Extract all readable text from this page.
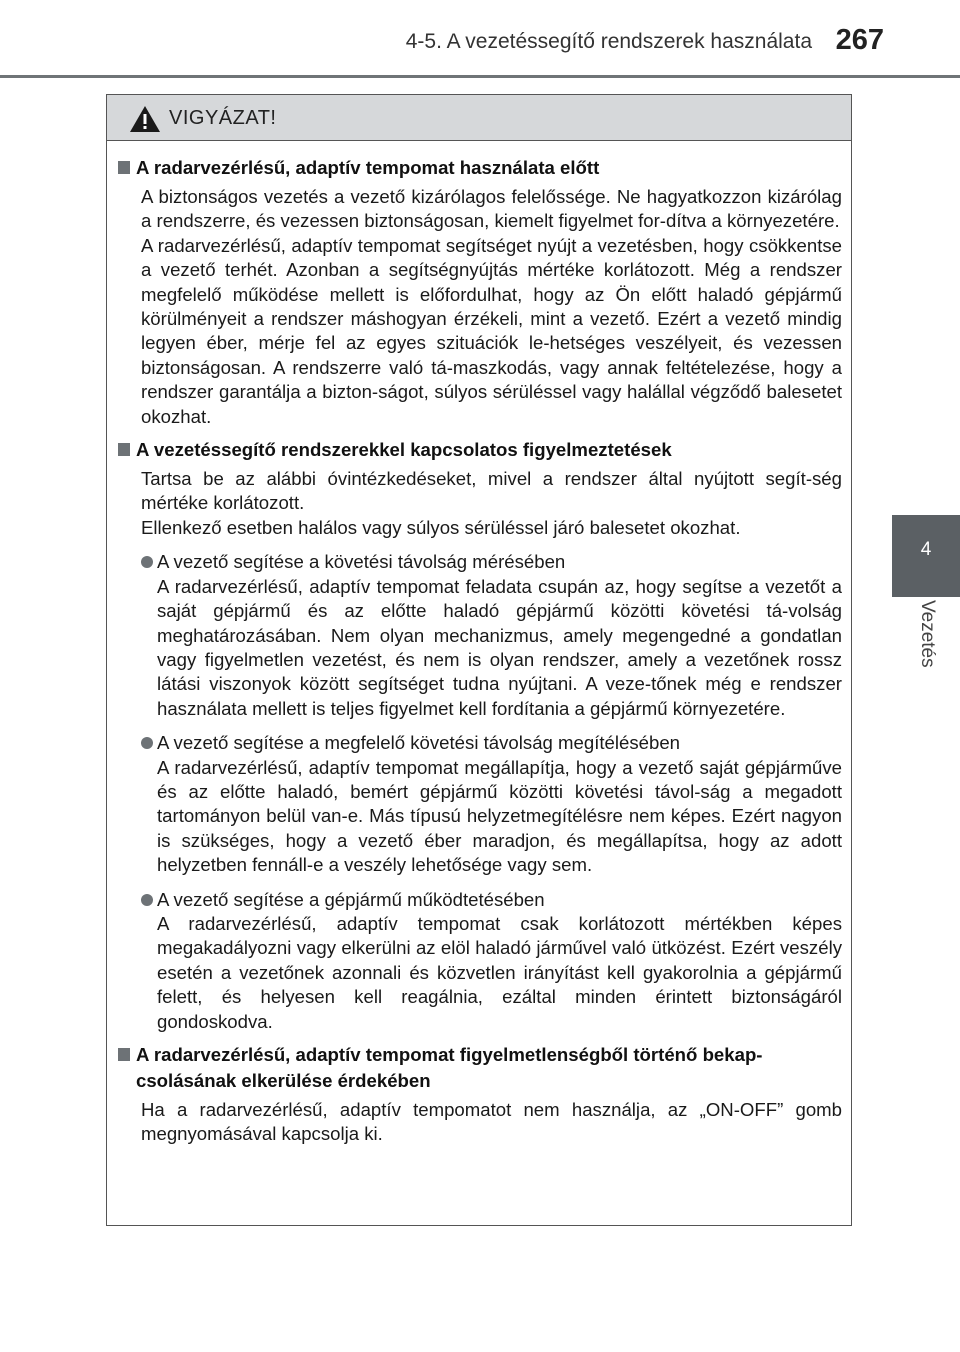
4-5. A vezetéssegítő rendszerek használata 267
4
Vezetés
VIGYÁZAT!
A radarvezérlésű, adaptív tempomat használata előtt
A biztonságos vezetés a vezető kizárólagos felelőssége. Ne hagyatkozzon kizárólag a rendszerre, és vezessen biztonságosan, kiemelt figyelmet for-dítva a környezetére.
A radarvezérlésű, adaptív tempomat segítséget nyújt a vezetésben, hogy csökkentse a vezető terhét. Azonban a segítségnyújtás mértéke korlátozott. Még a rendszer megfelelő működése mellett is előfordulhat, hogy az Ön előtt haladó gépjármű körülményeit a rendszer máshogyan érzékeli, mint a vezető. Ezért a vezető mindig legyen éber, mérje fel az egyes szituációk le-hetséges veszélyeit, és vezessen biztonságosan. A rendszerre való tá-maszkodás, vagy annak feltételezése, hogy a rendszer garantálja a bizton-ságot, súlyos sérüléssel vagy halállal végződő balesetet okozhat.
A vezetéssegítő rendszerekkel kapcsolatos figyelmeztetések
Tartsa be az alábbi óvintézkedéseket, mivel a rendszer által nyújtott segít-ség mértéke korlátozott.
Ellenkező esetben halálos vagy súlyos sérüléssel járó balesetet okozhat.
A vezető segítése a követési távolság mérésében
A radarvezérlésű, adaptív tempomat feladata csupán az, hogy segítse a vezetőt a saját gépjármű és az előtte haladó gépjármű közötti követési tá-volság meghatározásában. Nem olyan mechanizmus, amely megengedné a gondatlan vagy figyelmetlen vezetést, és nem is olyan rendszer, amely a vezetőnek rossz látási viszonyok között segítséget tudna nyújtani. A veze-tőnek még e rendszer használata mellett is teljes figyelmet kell fordítania a gépjármű környezetére.
A vezető segítése a megfelelő követési távolság megítélésében
A radarvezérlésű, adaptív tempomat megállapítja, hogy a vezető saját gépjárműve és az előtte haladó, bemért gépjármű közötti követési távol-ság a megadott tartományon belül van-e. Más típusú helyzetmegítélésre nem képes. Ezért nagyon is szükséges, hogy a vezető éber maradjon, és megállapítsa, hogy az adott helyzetben fennáll-e a veszély lehetősége vagy sem.
A vezető segítése a gépjármű működtetésében
A radarvezérlésű, adaptív tempomat csak korlátozott mértékben képes megakadályozni vagy elkerülni az elöl haladó járművel való ütközést. Ezért veszély esetén a vezetőnek azonnali és közvetlen irányítást kell gyakorolnia a gépjármű felett, és helyesen kell reagálnia, ezáltal minden érintett biztonságáról gondoskodva.
A radarvezérlésű, adaptív tempomat figyelmetlenségből történő bekap-csolásának elkerülése érdekében
Ha a radarvezérlésű, adaptív tempomatot nem használja, az „ON-OFF” gomb megnyomásával kapcsolja ki.
